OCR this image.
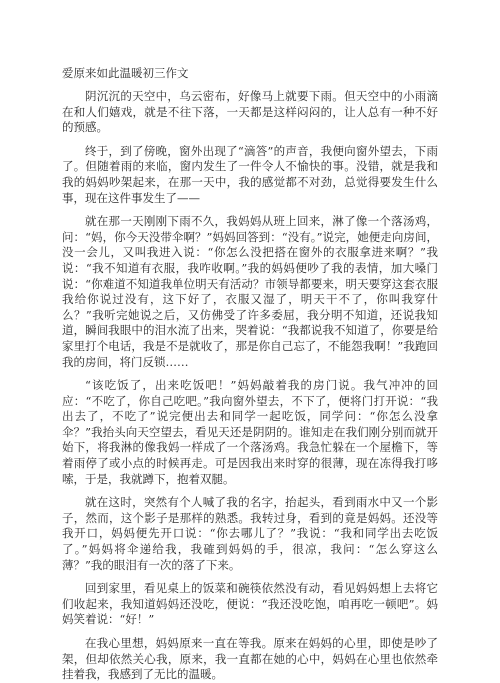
爱原来如此温暖初三作文
阴沉沉的天空中，乌云密布，好像马上就要下雨。但天空中的小雨滴在和人们嬉戏，就是不往下落，一天都是这样闷闷的，让人总有一种不好的预感。
终于，到了傍晚，窗外出现了“滴答”的声音，我便向窗外望去，下雨了。但随着雨的来临，窗内发生了一件令人不愉快的事。没错，就是我和我的妈妈吵架起来，在那一天中，我的感觉都不对劲，总觉得要发生什么事，现在这件事发生了——
就在那一天刚刚下雨不久，我妈妈从班上回来，淋了像一个落汤鸡，问：“妈，你今天没带伞啊？”妈妈回答到：“没有。”说完，她便走向房间，没一会儿，又叫我进入说：“你怎么没把搭在窗外的衣服拿进来啊？”我说：“我不知道有衣服，我咋收啊。”我的妈妈便吵了我的表情，加大嗓门说：“你难道不知道我单位明天有活动？市领导都要来，明天要穿这套衣服我给你说过没有，这下好了，衣服又湿了，明天干不了，你叫我穿什么？”我听完她说之后，又仿佛受了许多委屈，我分明不知道，还说我知道，瞬间我眼中的泪水流了出来，哭着说：“我都说我不知道了，你要是给家里打个电话，我是不是就收了，那是你自己忘了，不能怨我啊！”我跑回我的房间，将门反锁……
“该吃饭了，出来吃饭吧！”妈妈敲着我的房门说。我气冲冲的回应：“不吃了，你自己吃吧。”我向窗外望去，不下了，便将门打开说：“我出去了，不吃了”说完便出去和同学一起吃饭，同学问：“你怎么没拿伞？”我抬头向天空望去，看见天还是阴阴的。谁知走在我们刚分别而就开始下，将我淋的像我妈一样成了一个落汤鸡。我急忙躲在一个屋檐下，等着雨停了或小点的时候再走。可是因我出来时穿的很薄，现在冻得我打哆嗦，于是，我就蹲下，抱着双腿。
就在这时，突然有个人喊了我的名字，抬起头，看到雨水中又一个影子，然而，这个影子是那样的熟悉。我转过身，看到的竟是妈妈。还没等我开口，妈妈便先开口说：“你去哪儿了？”我说：“我和同学出去吃饭了。”妈妈将伞递给我，我確到妈妈的手，很凉，我问：“怎么穿这么薄？”我的眼泪有一次的落了下来。
回到家里，看见桌上的饭菜和碗筷依然没有动，看见妈妈想上去将它们收起来，我知道妈妈还没吃，便说：“我还没吃饱，咱再吃一顿吧”。妈妈笑着说：“好！”
在我心里想，妈妈原来一直在等我。原来在妈妈的心里，即使是吵了架，但却依然关心我，原来，我一直都在她的心中，妈妈在心里也依然牵挂着我，我感到了无比的温暖。
